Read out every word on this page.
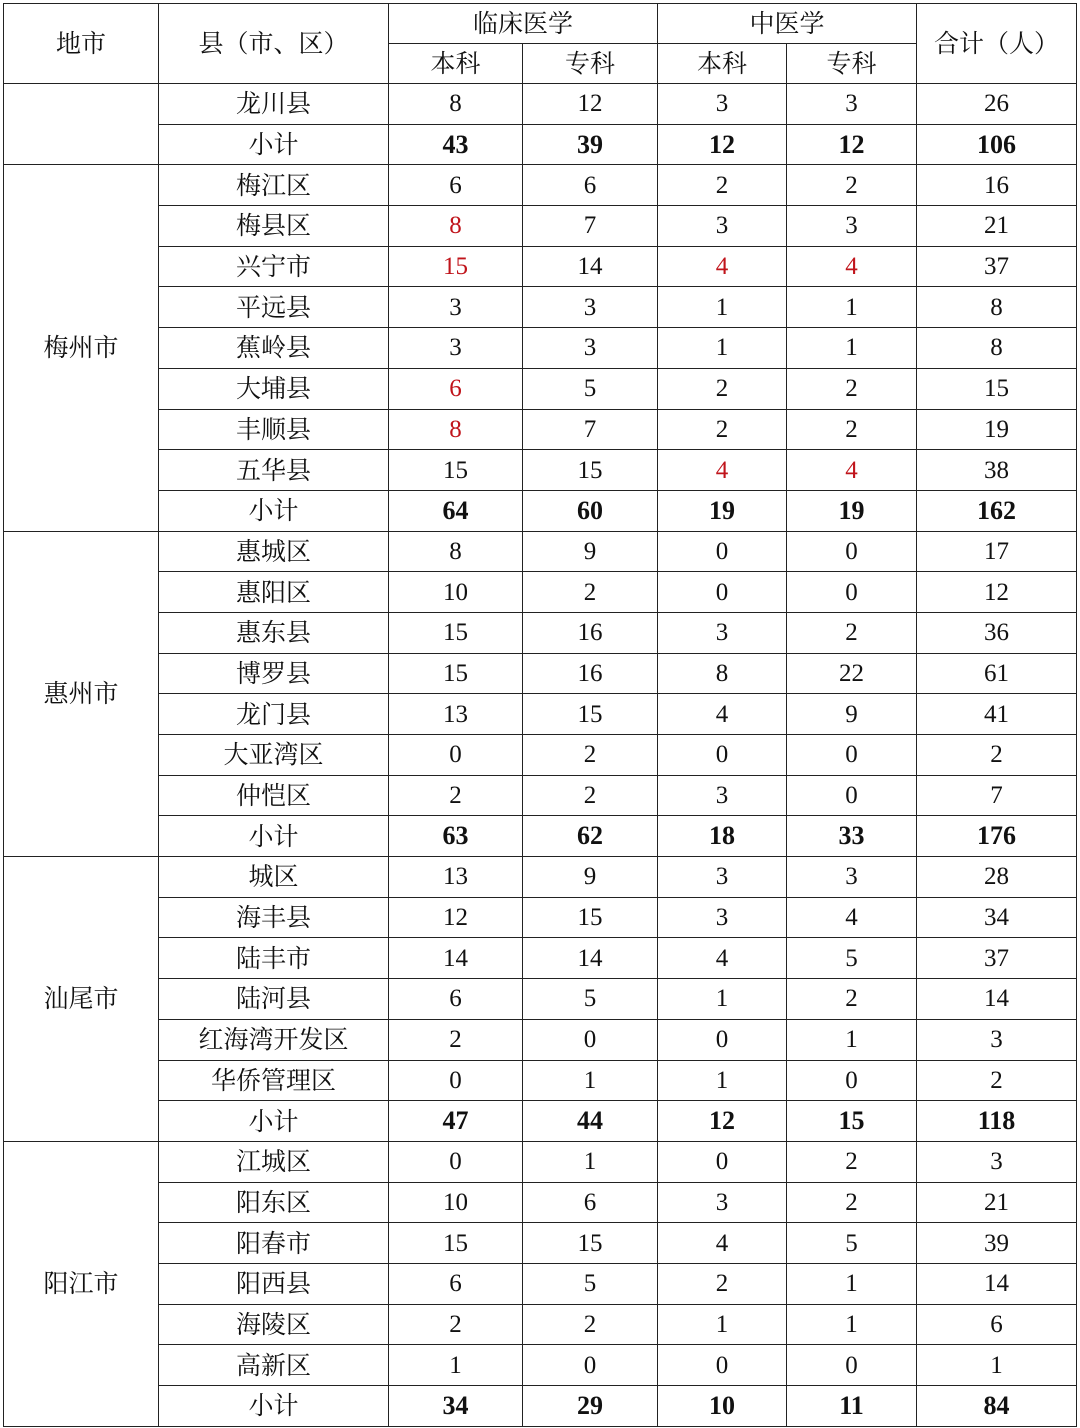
地市	县（市、区）	临床医学		中医学		合计（人）
		本科	专科	本科	专科	
	龙川县	8	12	3	3	26
	小计	43	39	12	12	106
梅州市	梅江区	6	6	2	2	16
	梅县区	8	7	3	3	21
	兴宁市	15	14	4	4	37
	平远县	3	3	1	1	8
	蕉岭县	3	3	1	1	8
	大埔县	6	5	2	2	15
	丰顺县	8	7	2	2	19
	五华县	15	15	4	4	38
	小计	64	60	19	19	162
惠州市	惠城区	8	9	0	0	17
	惠阳区	10	2	0	0	12
	惠东县	15	16	3	2	36
	博罗县	15	16	8	22	61
	龙门县	13	15	4	9	41
	大亚湾区	0	2	0	0	2
	仲恺区	2	2	3	0	7
	小计	63	62	18	33	176
汕尾市	城区	13	9	3	3	28
	海丰县	12	15	3	4	34
	陆丰市	14	14	4	5	37
	陆河县	6	5	1	2	14
	红海湾开发区	2	0	0	1	3
	华侨管理区	0	1	1	0	2
	小计	47	44	12	15	118
阳江市	江城区	0	1	0	2	3
	阳东区	10	6	3	2	21
	阳春市	15	15	4	5	39
	阳西县	6	5	2	1	14
	海陵区	2	2	1	1	6
	高新区	1	0	0	0	1
	小计	34	29	10	11	84
